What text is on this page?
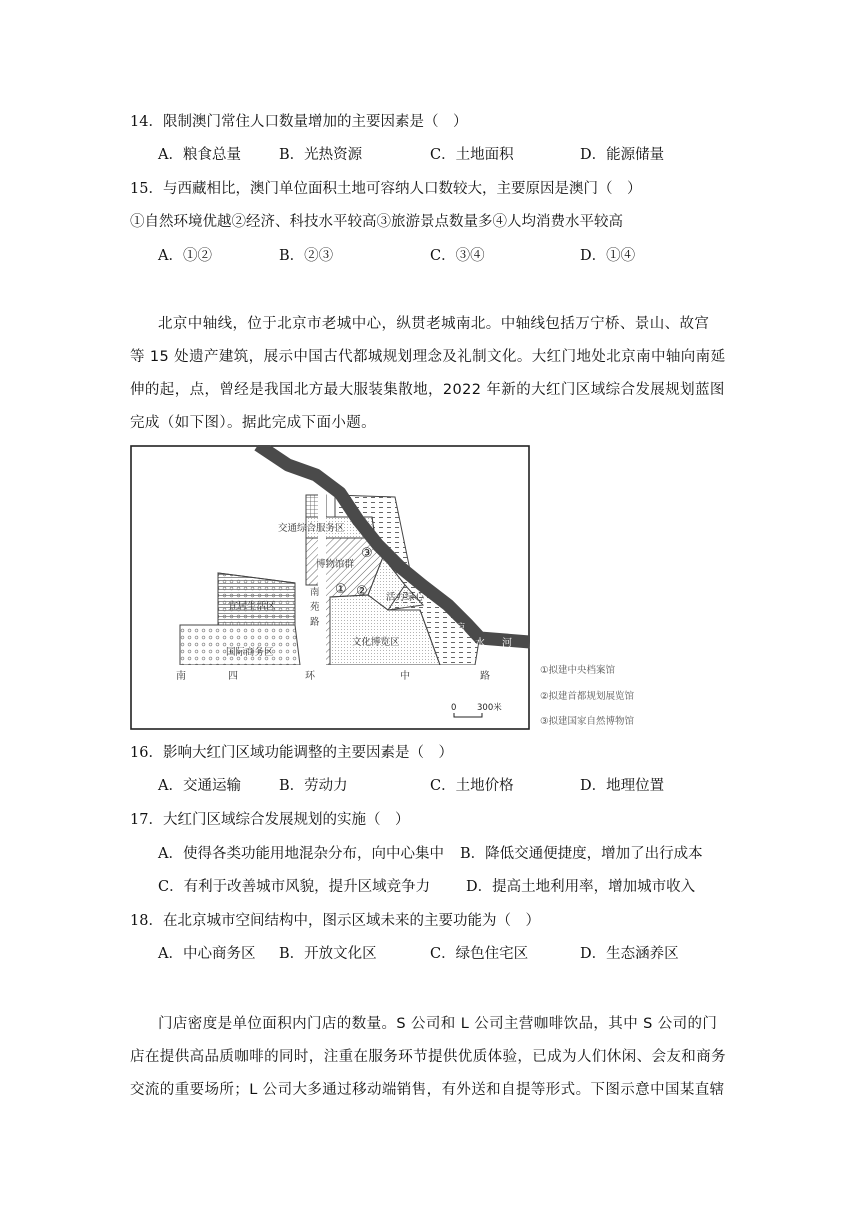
14．限制澳门常住人口数量增加的主要因素是（　）
A．粮食总量	B．光热资源	C．土地面积	D．能源储量
15．与西藏相比，澳门单位面积土地可容纳人口数较大，主要原因是澳门（　）
①自然环境优越②经济、科技水平较高③旅游景点数量多④人均消费水平较高
A．①②	B．②③	C．③④	D．①④
北京中轴线，位于北京市老城中心，纵贯老城南北。中轴线包括万宁桥、景山、故宫
等 15 处遗产建筑，展示中国古代都城规划理念及礼制文化。大红门地处北京南中轴向南延
伸的起，点，曾经是我国北方最大服装集散地，2022 年新的大红门区域综合发展规划蓝图
完成（如下图）。据此完成下面小题。
交通综合服务区
博物馆群
活力绿心
宜居生活区
国际商务区
文化博览区
③
① ②
南
苑
路
凉
水 河
南	四	环	中	路
0 300米
①拟建中央档案馆
②拟建首都规划展览馆
③拟建国家自然博物馆
16．影响大红门区域功能调整的主要因素是（　）
A．交通运输	B．劳动力	C．土地价格	D．地理位置
17．大红门区域综合发展规划的实施（　）
A．使得各类功能用地混杂分布，向中心集中 B．降低交通便捷度，增加了出行成本
C．有利于改善城市风貌，提升区域竞争力 D．提高土地利用率，增加城市收入
18．在北京城市空间结构中，图示区域未来的主要功能为（　）
A．中心商务区 B．开放文化区	C．绿色住宅区	D．生态涵养区
门店密度是单位面积内门店的数量。S 公司和 L 公司主营咖啡饮品，其中 S 公司的门
店在提供高品质咖啡的同时，注重在服务环节提供优质体验，已成为人们休闲、会友和商务
交流的重要场所；L 公司大多通过移动端销售，有外送和自提等形式。下图示意中国某直辖
